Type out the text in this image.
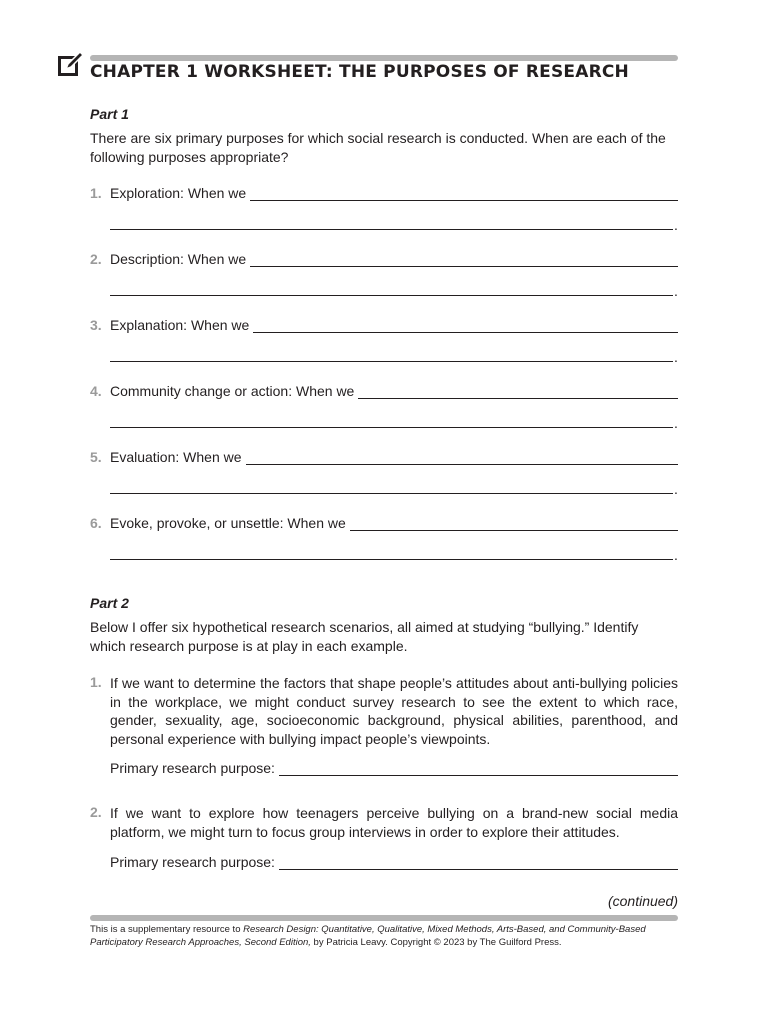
CHAPTER 1 WORKSHEET: THE PURPOSES OF RESEARCH
Part 1
There are six primary purposes for which social research is conducted. When are each of the following purposes appropriate?
1. Exploration: When we
.
2. Description: When we
.
3. Explanation: When we
.
4. Community change or action: When we
.
5. Evaluation: When we
.
6. Evoke, provoke, or unsettle: When we
.
Part 2
Below I offer six hypothetical research scenarios, all aimed at studying “bullying.” Identify which research purpose is at play in each example.
1. If we want to determine the factors that shape people’s attitudes about anti-bullying policies in the workplace, we might conduct survey research to see the extent to which race, gender, sexuality, age, socioeconomic background, physical abilities, parenthood, and personal experience with bullying impact people’s viewpoints.
Primary research purpose:
2. If we want to explore how teenagers perceive bullying on a brand-new social media platform, we might turn to focus group interviews in order to explore their attitudes.
Primary research purpose:
(continued)
This is a supplementary resource to Research Design: Quantitative, Qualitative, Mixed Methods, Arts-Based, and Community-Based Participatory Research Approaches, Second Edition, by Patricia Leavy. Copyright © 2023 by The Guilford Press.
